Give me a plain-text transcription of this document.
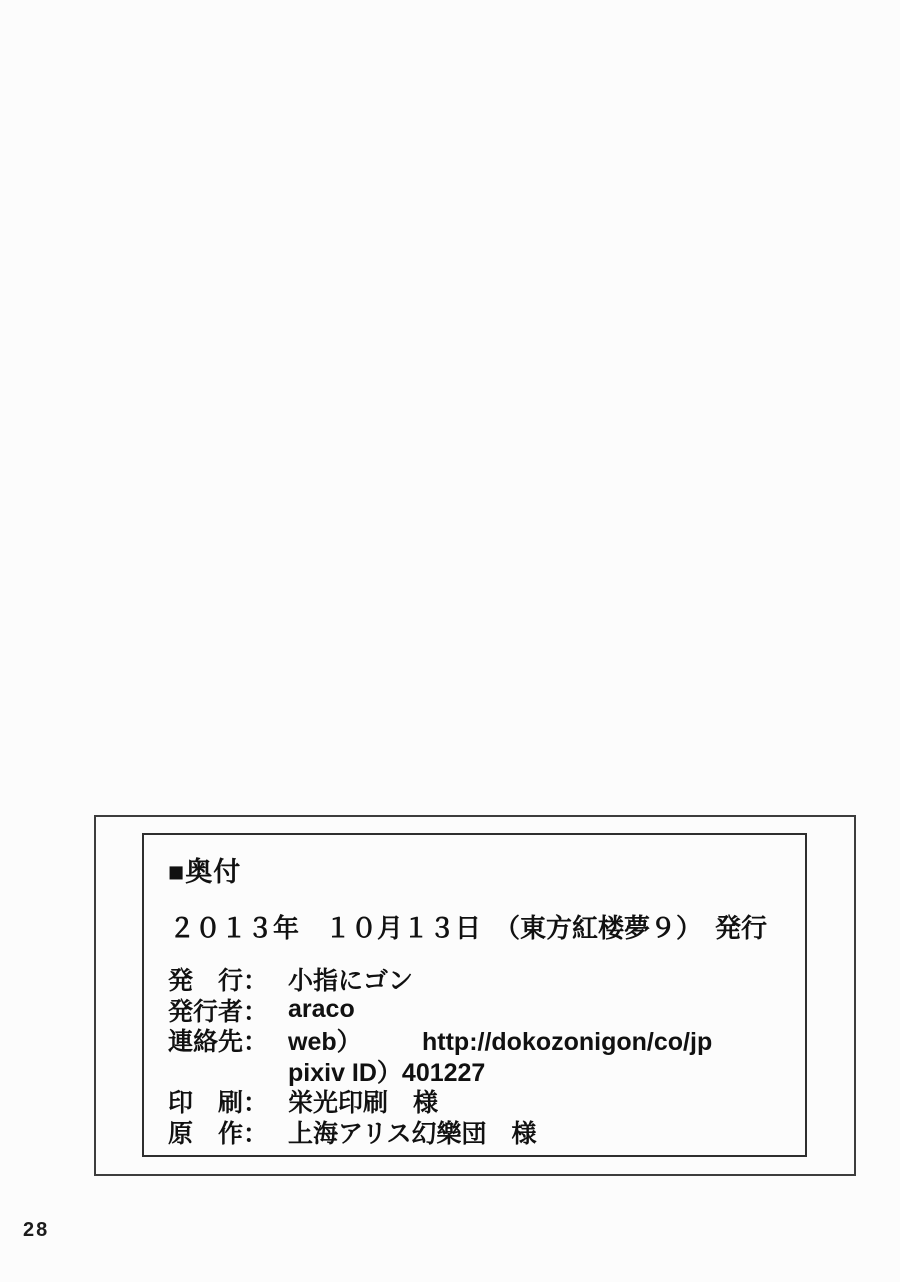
■奥付
２０１３年　１０月１３日　（東方紅楼夢９）　発行
発　行： 小指にゴン
発行者： araco
連絡先： web） http://dokozonigon/co/jp
pixiv ID）401227
印　刷： 栄光印刷　様
原　作： 上海アリス幻樂団　様
28
